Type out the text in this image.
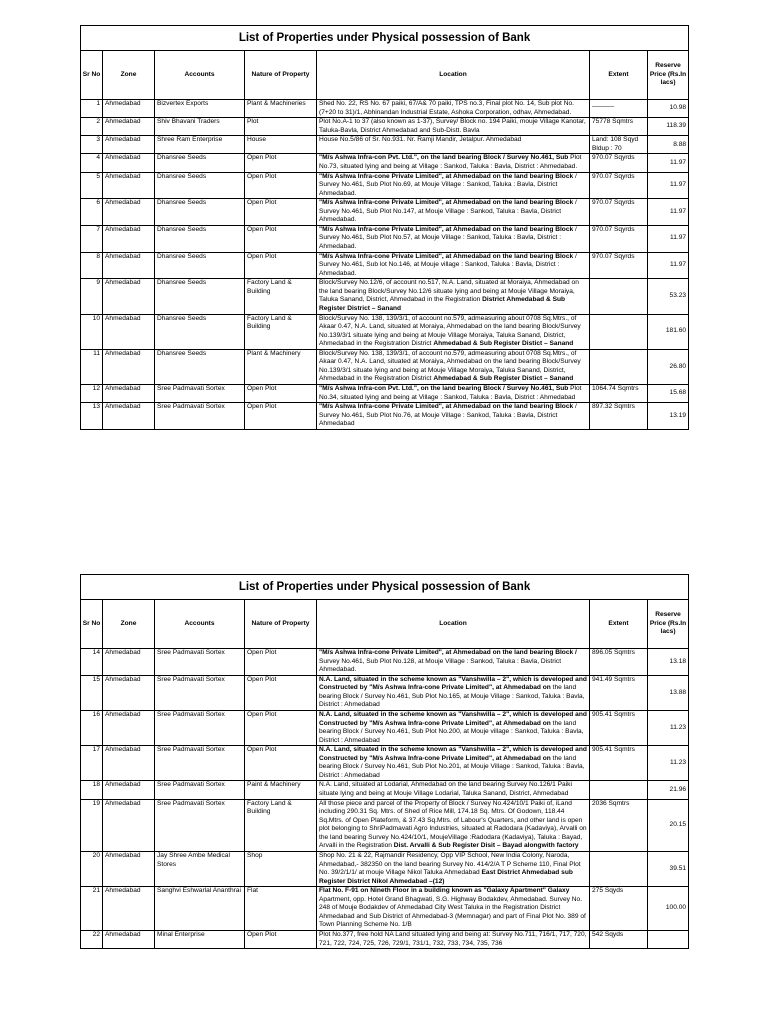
List of Properties under Physical possession of Bank						
Sr No	Zone	Accounts	Nature of Property	Location	Extent	Reserve Price (Rs.In lacs)
1	Ahmedabad	Bizvertex Exports	Plant & Machineries	Shed No. 22, RS No. 67 paiki, 67/A& 70 paiki, TPS no.3, Final plot No. 14, Sub plot No.(7+20 to 31)/1, Abhinandan Industrial Estate, Ashoka Corporation, odhav, Ahmedabad.	______	10.98
2	Ahmedabad	Shiv Bhavani Traders	Plot	Plot No.A-1 to 37 (also known as 1-37), Survey/ Block no. 194 Paiki, mouje Village Kanotar, Taluka-Bavla, District Ahmedabad and Sub-Distt. Bavla	75778 Sqmtrs	118.39
3	Ahmedabad	Shree Ram Enterprise	House	House No.5/86 of Sr. No.931. Nr. Ramji Mandir, Jetalpur. Ahmedabad	Land: 108 Sqyd Bldup : 70	8.88
4	Ahmedabad	Dhansree Seeds	Open Plot	"M/s Ashwa Infra-con Pvt. Ltd.", on the land bearing Block / Survey No.461, Sub Plot No.73, situated lying and being at Village : Sankod, Taluka : Bavla, District : Ahmedabad.	970.07 Sqyrds	11.97
5	Ahmedabad	Dhansree Seeds	Open Plot	"M/s Ashwa Infra-cone Private Limited", at Ahmedabad on the land bearing Block / Survey No.461, Sub Plot No.69, at Mouje Village : Sankod, Taluka : Bavla, District Ahmedabad.	970.07 Sqyrds	11.97
6	Ahmedabad	Dhansree Seeds	Open Plot	"M/s Ashwa Infra-cone Private Limited", at Ahmedabad on the land bearing Block / Survey No.461, Sub Plot No.147, at Mouje Village : Sankod, Taluka : Bavla, District Ahmedabad.	970.07 Sqyrds	11.97
7	Ahmedabad	Dhansree Seeds	Open Plot	"M/s Ashwa Infra-cone Private Limited", at Ahmedabad on the land bearing Block / Survey No.461, Sub Plot No.57, at Mouje Village : Sankod, Taluka : Bavla, District : Ahmedabad.	970.07 Sqyrds	11.97
8	Ahmedabad	Dhansree Seeds	Open Plot	"M/s Ashwa Infra-cone Private Limited", at Ahmedabad on the land bearing Block / Survey No.461, Sub lot No.146, at Mouje village : Sankod, Taluka : Bavla, District : Ahmedabad.	970.07 Sqyrds	11.97
9	Ahmedabad	Dhansree Seeds	Factory Land & Building	Block/Survey No.12/6, of account no.517, N.A. Land, situated at Moraiya, Ahmedabad on the land bearing Block/Survey No.12/6 situate lying and being at Mouje Village Moraiya, Taluka Sanand, District, Ahmedabad in the Registration District Ahmedabad & Sub Register District – Sanand		53.23
10	Ahmedabad	Dhansree Seeds	Factory Land & Building	Block/Survey No. 138, 139/3/1, of account no.579, admeasuring about 0708 Sq.Mtrs., of Akaar 0.47, N.A. Land, situated at Moraiya, Ahmedabad on the land bearing Block/Survey No.139/3/1 situate lying and being at Mouje Village Moraiya, Taluka Sanand, District, Ahmedabad in the Registration District Ahmedabad & Sub Register Distict – Sanand		181.60
11	Ahmedabad	Dhansree Seeds	Plant & Machinery	Block/Survey No. 138, 139/3/1, of account no.579, admeasuring about 0708 Sq.Mtrs., of Akaar 0.47, N.A. Land, situated at Moraiya, Ahmedabad on the land bearing Block/Survey No.139/3/1 situate lying and being at Mouje Village Moraiya, Taluka Sanand, District, Ahmedabad in the Registration District Ahmedabad & Sub Register Distict – Sanand		26.80
12	Ahmedabad	Sree Padmavati Sortex	Open Plot	"M/s Ashwa Infra-con Pvt. Ltd.", on the land bearing Block / Survey No.461, Sub Plot No.34, situated lying and being at Village : Sankod, Taluka : Bavla, District : Ahmedabad	1064.74 Sqmtrs	15.68
13	Ahmedabad	Sree Padmavati Sortex	Open Plot	"M/s Ashwa Infra-cone Private Limited", at Ahmedabad on the land bearing Block / Survey No.461, Sub Plot No.76, at Mouje Village : Sankod, Taluka : Bavla, District Ahmedabad	897.32 Sqmtrs	13.19
List of Properties under Physical possession of Bank						
Sr No	Zone	Accounts	Nature of Property	Location	Extent	Reserve Price (Rs.In lacs)
14	Ahmedabad	Sree Padmavati Sortex	Open Plot	"M/s Ashwa Infra-cone Private Limited", at Ahmedabad on the land bearing Block / Survey No.461, Sub Plot No.128, at Mouje Village : Sankod, Taluka : Bavla, District Ahmedabad.	896.05 Sqmtrs	13.18
15	Ahmedabad	Sree Padmavati Sortex	Open Plot	N.A. Land, situated in the scheme known as "Vanshwilla – 2", which is developed and Constructed by "M/s Ashwa Infra-cone Private Limited", at Ahmedabad on the land bearing Block / Survey No.461, Sub Plot No.165, at Mouje Village : Sankod, Taluka : Bavla, District : Ahmedabad	941.49 Sqmtrs	13.88
16	Ahmedabad	Sree Padmavati Sortex	Open Plot	N.A. Land, situated in the scheme known as "Vanshwilla – 2", which is developed and Constructed by "M/s Ashwa Infra-cone Private Limited", at Ahmedabad on the land bearing Block / Survey No.461, Sub Plot No.200, at Mouje village : Sankod, Taluka : Bavla, District : Ahmedabad	905.41 Sqmtrs	11.23
17	Ahmedabad	Sree Padmavati Sortex	Open Plot	N.A. Land, situated in the scheme known as "Vanshwilla – 2", which is developed and Constructed by "M/s Ashwa Infra-cone Private Limited", at Ahmedabad on the land bearing Block / Survey No.461, Sub Plot No.201, at Mouje Village : Sankod, Taluka : Bavla, District : Ahmedabad	905.41 Sqmtrs	11.23
18	Ahmedabad	Sree Padmavati Sortex	Paint & Machinery	N.A. Land, situated at Lodarial, Ahmedabad on the land bearing Survey No.126/1 Paiki situate lying and being at Mouje Village Lodarial, Taluka Sanand, District, Ahmedabad		21.96
19	Ahmedabad	Sree Padmavati Sortex	Factory Land & Building	All those piece and parcel of the Property of Block / Survey No.424/10/1 Paiki of, iLand including 290.31 Sq. Mtrs. of Shed of Rice Mill, 174.18 Sq. Mtrs. Of Godown, 118.44 Sq.Mtrs. of Open Plateform, & 37.43 Sq.Mtrs. of Labour's Quarters, and other land is open plot belonging to ShriPadmavati Agro Industries, situated at Radodara (Kadaviya), Arvalli on the land bearing Survey No.424/10/1, MoujeVillage :Radodara (Kadaviya), Taluka : Bayad, Arvalli in the Registration Dist. Arvalli & Sub Register Disit – Bayad alongwith factory	2036 Sqmtrs	20.15
20	Ahmedabad	Jay Shree Ambe Medical Stores	Shop	Shop No. 21 & 22, Rajmandir Residency, Opp VIP School, New India Colony, Naroda, Ahmedabad,- 382350 on the land bearing Survey No. 414/2/A T P Scheme 110, Final Plot No. 39/2/1/1/ at mouje Village Nikol Taluka Ahmedabad East District Ahmedabad sub Register District Nikol Ahmedabad –(12)		39.51
21	Ahmedabad	Sanghvi Eshwarlal Ananthrai	Flat	Flat No. F-91 on Nineth Floor in a building known as "Galaxy Apartment" Galaxy Apartment, opp. Hotel Grand Bhagwati, S.G. Highway Bodakdev, Ahmedabad. Survey No. 248 of Mouje Bodakdev of Ahmedabad City West Taluka in the Registration District Ahmedabad and Sub District of Ahmedabad-3 (Memnagar) and part of Final Plot No. 389 of Town Planning Scheme No. 1/B	275 Sqyds	100.00
22	Ahmedabad	Minal Enterprise	Open Plot	Plot No.377, free hold NA Land situated lying and being at: Survey No.711, 716/1, 717, 720, 721, 722, 724, 725, 726, 729/1, 731/1, 732, 733, 734, 735, 736	542 Sqyds	
